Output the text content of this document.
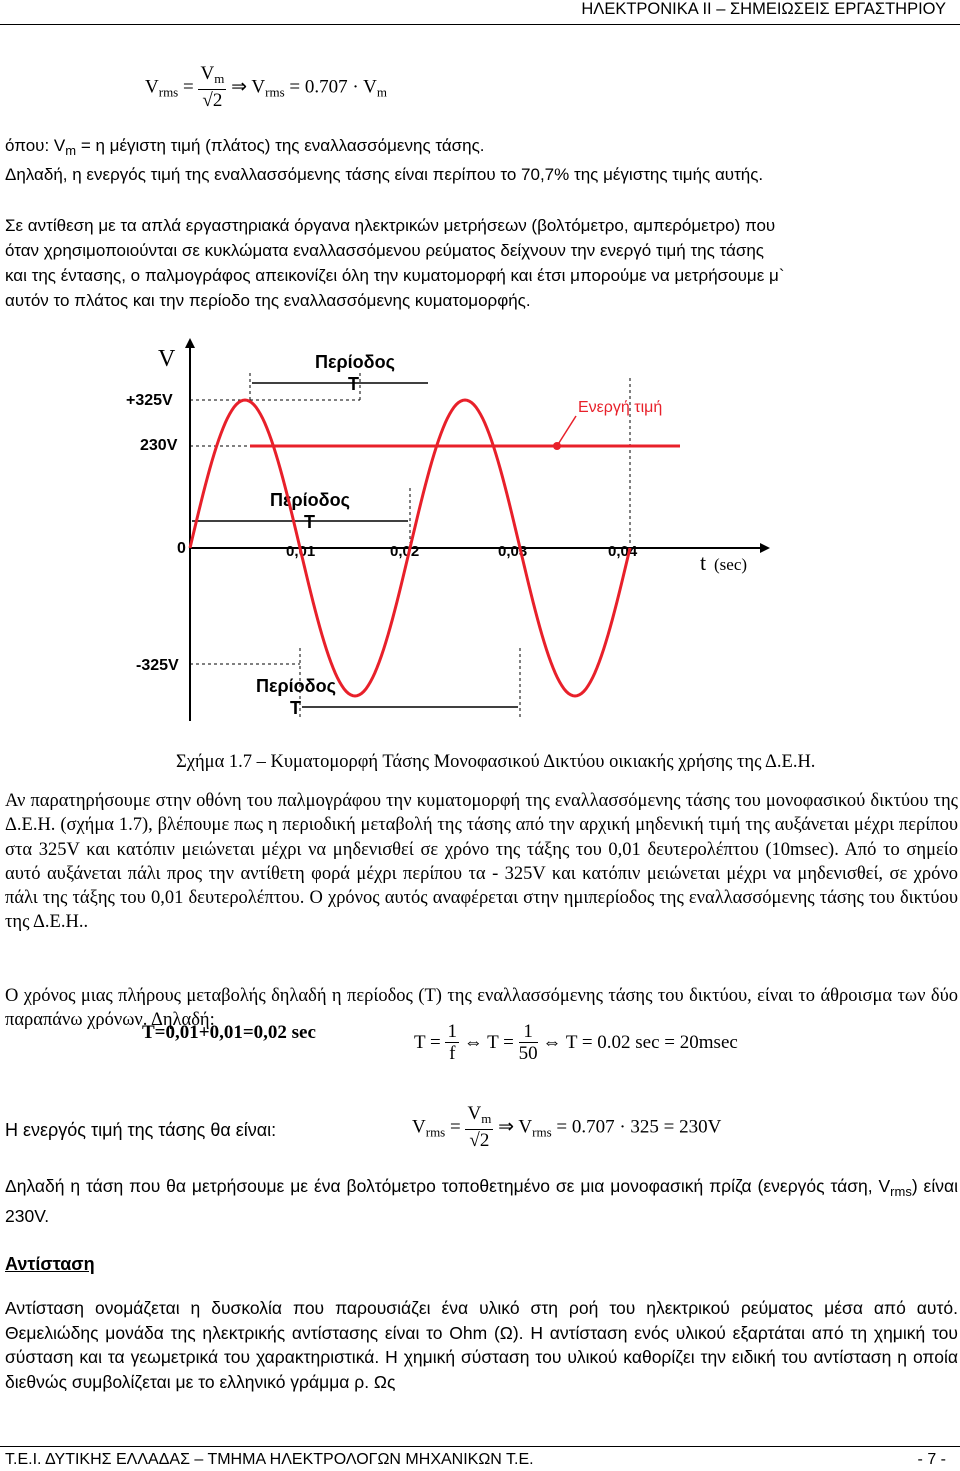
ΗΛΕΚΤΡΟΝΙΚΑ ΙΙ – ΣΗΜΕΙΩΣΕΙΣ ΕΡΓΑΣΤΗΡΙΟΥ
$V_{rms} = \frac{V_m}{√2}$ ⇒ $V_{rms} = 0.707 \cdot V_m$
όπου: $V_m = \eta$ μέγιστη τιμή (πλάτος) της εναλλασσόμενης τάσης.
Δηλαδή, η ενεργός τιμή της εναλλασσόμενης τάσης είναι περίπου το 70,7% της μέγιστης τιμής αυτής.
Σε αντίθεση με τα απλά εργαστηριακά όργανα ηλεκτρικών μετρήσεων (βολτόμετρο, αμπερόμετρο) που
όταν χρησιμοποιούνται σε κυκλώματα εναλλασσόμενου ρεύματος δείχνουν την ενεργό τιμή της τάσης
και της έντασης, ο παλμογράφος απεικονίζει όλη την κυματομορφή και έτσι μπορούμε να μετρήσουμε μ`
αυτόν το πλάτος και την περίοδο της εναλλασσόμενης κυματομορφής.
V
+325V
230V
0
-325V
0,01	0,02	0,03	0,04	t (sec)
Ενεργή τιμή
Περίοδος
T
Περίοδος
T
Περίοδος
T
Σχήμα 1.7 – Κυματομορφή Τάσης Μονοφασικού Δικτύου οικιακής χρήσης της Δ.Ε.Η.
Αν παρατηρήσουμε στην οθόνη του παλμογράφου την κυματομορφή της εναλλασσόμενης τάσης του μονοφασικού δικτύου της Δ.Ε.Η. (σχήμα 1.7), βλέπουμε πως η περιοδική μεταβολή της τάσης από την αρχική μηδενική τιμή της αυξάνεται μέχρι περίπου στα 325V και κατόπιν μειώνεται μέχρι να μηδενισθεί σε χρόνο της τάξης του 0,01 δευτερολέπτου (10msec). Από το σημείο αυτό αυξάνεται πάλι προς την αντίθετη φορά μέχρι περίπου τα - 325V και κατόπιν μειώνεται μέχρι να μηδενισθεί, σε χρόνο πάλι της τάξης του 0,01 δευτερολέπτου. Ο χρόνος αυτός αναφέρεται στην ημιπερίοδος της εναλλασσόμενης τάσης του δικτύου της Δ.Ε.Η..
Ο χρόνος μιας πλήρους μεταβολής δηλαδή η περίοδος (Τ) της εναλλασσόμενης τάσης του δικτύου, είναι το άθροισμα των δύο παραπάνω χρόνων. Δηλαδή:
T=0,01+0,01=0,02 sec	$T = \frac{1}{f}$ ⇔ $T = \frac{1}{50}$ ⇔ T = 0.02 sec = 20msec
Η ενεργός τιμή της τάσης θα είναι:	$V_{rms} = \frac{V_m}{√2}$ ⇒ $V_{rms} = 0.707 \cdot 325 = 230V$
Δηλαδή η τάση που θα μετρήσουμε με ένα βολτόμετρο τοποθετημένο σε μια μονοφασική πρίζα (ενεργός τάση, $V_{rms}$) είναι 230V.
Αντίσταση
Αντίσταση ονομάζεται η δυσκολία που παρουσιάζει ένα υλικό στη ροή του ηλεκτρικού ρεύματος μέσα από αυτό. Θεμελιώδης μονάδα της ηλεκτρικής αντίστασης είναι το Ohm (Ω). Η αντίσταση ενός υλικού εξαρτάται από τη χημική του σύσταση και τα γεωμετρικά του χαρακτηριστικά. Η χημική σύσταση του υλικού καθορίζει την ειδική του αντίσταση η οποία διεθνώς συμβολίζεται με το ελληνικό γράμμα ρ. Ως
Τ.Ε.Ι. ΔΥΤΙΚΗΣ ΕΛΛΑΔΑΣ – ΤΜΗΜΑ ΗΛΕΚΤΡΟΛΟΓΩΝ ΜΗΧΑΝΙΚΩΝ Τ.Ε.	- 7 -
